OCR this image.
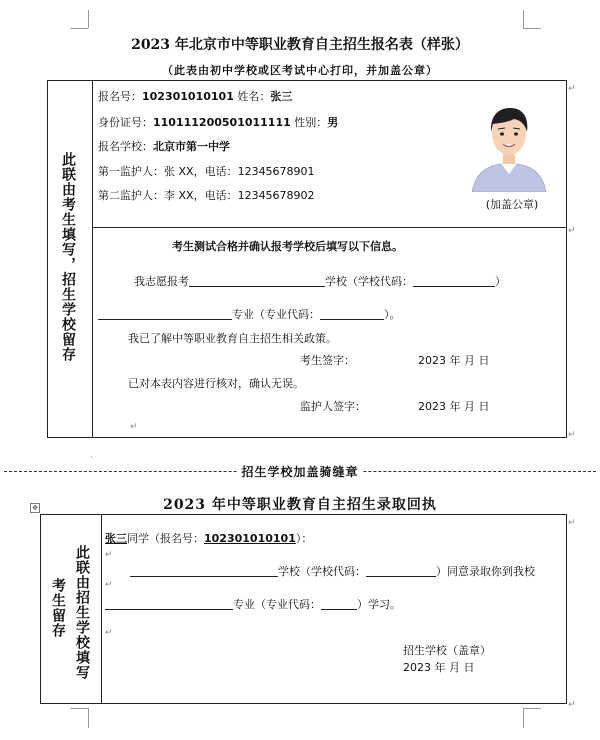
2023 年北京市中等职业教育自主招生报名表（样张）
（此表由初中学校或区考试中心打印，并加盖公章）
此联由考生填写，招生学校留存
报名号：102301010101 姓名：张三
身份证号：110111200501011111 性别：男
报名学校：北京市第一中学
第一监护人：张 XX，电话：12345678901
第二监护人：李 XX，电话：12345678902
(加盖公章)
考生测试合格并确认报考学校后填写以下信息。
我志愿报考	学校（学校代码：	）
专业（专业代码：	）。
我已了解中等职业教育自主招生相关政策。
考生签字：	2023 年 月 日
已对本表内容进行核对，确认无误。
监护人签字：	2023 年 月 日
↵
↵
↵
↵
·
招生学校加盖骑缝章
2023 年中等职业教育自主招生录取回执
✥
此联由招生学校填写
考生留存
张三同学（报名号：102301010101）：
学校（学校代码：	）同意录取你到我校
专业（专业代码：	）学习。
招生学校（盖章）
2023 年 月 日
↵
↵
↵
↵
↵
